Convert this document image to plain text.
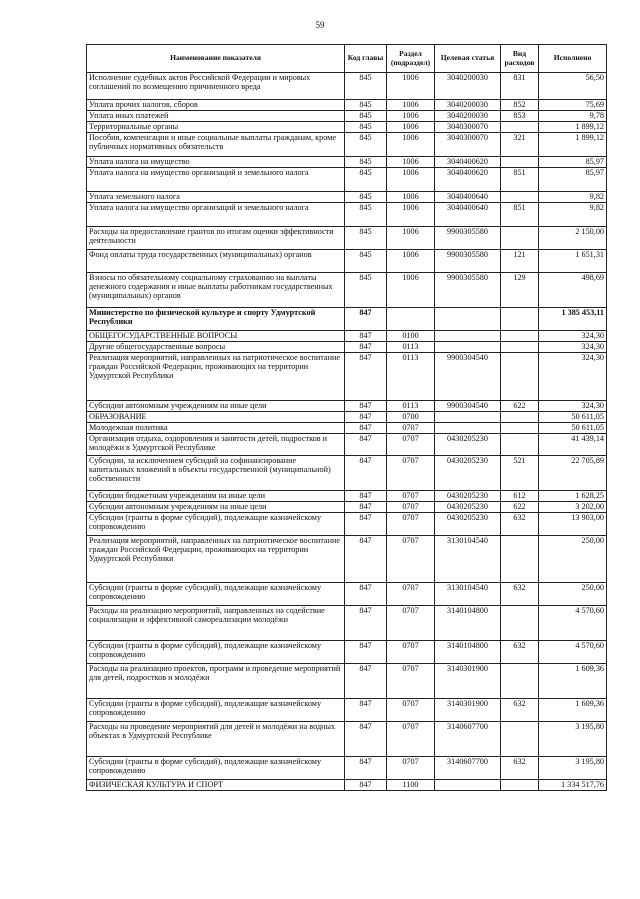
59
Наименование показателя	Код главы	Раздел (подраздел)	Целевая статья	Вид расходов	Исполнено
Исполнение судебных актов Российской Федерации и мировых соглашений по возмещению причиненного вреда	845	1006	3040200030	831	56,50
Уплата прочих налогов, сборов	845	1006	3040200030	852	75,69
Уплата иных платежей	845	1006	3040200030	853	9,78
Территориальные органы	845	1006	3040300070		1 899,12
Пособия, компенсации и иные социальные выплаты гражданам, кроме публичных нормативных обязательств	845	1006	3040300070	321	1 899,12
Уплата налога на имущество	845	1006	3040400620		85,97
Уплата налога на имущество организаций и земельного налога	845	1006	3040400620	851	85,97
Уплата земельного налога	845	1006	3040400640		9,82
Уплата налога на имущество организаций и земельного налога	845	1006	3040400640	851	9,82
Расходы на предоставление грантов по итогам оценки эффективности деятельности	845	1006	9900305580		2 150,00
Фонд оплаты труда государственных (муниципальных) органов	845	1006	9900305580	121	1 651,31
Взносы по обязательному социальному страхованию на выплаты денежного содержания и иные выплаты работникам государственных (муниципальных) органов	845	1006	9900305580	129	498,69
Министерство по физической культуре и спорту Удмуртской Республики	847				1 385 453,11
ОБЩЕГОСУДАРСТВЕННЫЕ ВОПРОСЫ	847	0100			324,30
Другие общегосударственные вопросы	847	0113			324,30
Реализация мероприятий, направленных на патриотическое воспитание граждан Российской Федерации, проживающих на территории Удмуртской Республики	847	0113	9900304540		324,30
Субсидии автономным учреждениям на иные цели	847	0113	9900304540	622	324,30
ОБРАЗОВАНИЕ	847	0700			50 611,05
Молодежная политика	847	0707			50 611,05
Организация отдыха, оздоровления и занятости детей, подростков и молодёжи в Удмуртской Республике	847	0707	0430205230		41 439,14
Субсидии, за исключением субсидий на софинансирование капитальных вложений в объекты государственной (муниципальной) собственности	847	0707	0430205230	521	22 705,89
Субсидии бюджетным учреждениям на иные цели	847	0707	0430205230	612	1 628,25
Субсидии автономным учреждениям на иные цели	847	0707	0430205230	622	3 202,00
Субсидии (гранты в форме субсидий), подлежащие казначейскому сопровождению	847	0707	0430205230	632	13 903,00
Реализация мероприятий, направленных на патриотическое воспитание граждан Российской Федерации, проживающих на территории Удмуртской Республики	847	0707	3130104540		250,00
Субсидии (гранты в форме субсидий), подлежащие казначейскому сопровождению	847	0707	3130104540	632	250,00
Расходы на реализацию мероприятий, направленных на содействие социализации и эффективной самореализации молодёжи	847	0707	3140104800		4 570,60
Субсидии (гранты в форме субсидий), подлежащие казначейскому сопровождению	847	0707	3140104800	632	4 570,60
Расходы на реализацию проектов, программ и проведение мероприятий для детей, подростков и молодёжи	847	0707	3140301900		1 609,36
Субсидии (гранты в форме субсидий), подлежащие казначейскому сопровождению	847	0707	3140301900	632	1 609,36
Расходы на проведение мероприятий для детей и молодёжи на водных объектах в Удмуртской Республике	847	0707	3140607700		3 195,80
Субсидии (гранты в форме субсидий), подлежащие казначейскому сопровождению	847	0707	3140607700	632	3 195,80
ФИЗИЧЕСКАЯ КУЛЬТУРА И СПОРТ	847	1100			1 334 517,76
